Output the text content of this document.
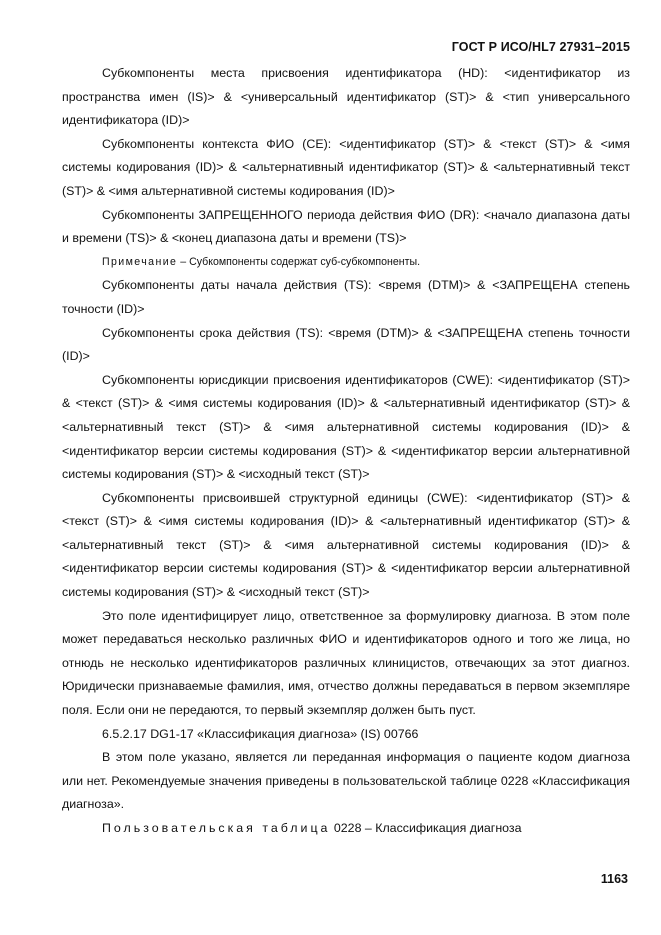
ГОСТ Р ИСО/HL7 27931–2015

Субкомпоненты места присвоения идентификатора (HD): <идентификатор из пространства имен (IS)> & <универсальный идентификатор (ST)> & <тип универсального идентификатора (ID)>

Субкомпоненты контекста ФИО (CE): <идентификатор (ST)> & <текст (ST)> & <имя системы кодирования (ID)> & <альтернативный идентификатор (ST)> & <альтернативный текст (ST)> & <имя альтернативной системы кодирования (ID)>

Субкомпоненты ЗАПРЕЩЕННОГО периода действия ФИО (DR): <начало диапазона даты и времени (TS)> & <конец диапазона даты и времени (TS)>

Примечание – Субкомпоненты содержат суб-субкомпоненты.

Субкомпоненты даты начала действия (TS): <время (DTM)> & <ЗАПРЕЩЕНА степень точности (ID)>

Субкомпоненты срока действия (TS): <время (DTM)> & <ЗАПРЕЩЕНА степень точности (ID)>

Субкомпоненты юрисдикции присвоения идентификаторов (CWE): <идентификатор (ST)> & <текст (ST)> & <имя системы кодирования (ID)> & <альтернативный идентификатор (ST)> & <альтернативный текст (ST)> & <имя альтернативной системы кодирования (ID)> & <идентификатор версии системы кодирования (ST)> & <идентификатор версии альтернативной системы кодирования (ST)> & <исходный текст (ST)>

Субкомпоненты присвоившей структурной единицы (CWE): <идентификатор (ST)> & <текст (ST)> & <имя системы кодирования (ID)> & <альтернативный идентификатор (ST)> & <альтернативный текст (ST)> & <имя альтернативной системы кодирования (ID)> & <идентификатор версии системы кодирования (ST)> & <идентификатор версии альтернативной системы кодирования (ST)> & <исходный текст (ST)>

Это поле идентифицирует лицо, ответственное за формулировку диагноза. В этом поле может передаваться несколько различных ФИО и идентификаторов одного и того же лица, но отнюдь не несколько идентификаторов различных клиницистов, отвечающих за этот диагноз. Юридически признаваемые фамилия, имя, отчество должны передаваться в первом экземпляре поля. Если они не передаются, то первый экземпляр должен быть пуст.

6.5.2.17 DG1-17 «Классификация диагноза» (IS) 00766

В этом поле указано, является ли переданная информация о пациенте кодом диагноза или нет. Рекомендуемые значения приведены в пользовательской таблице 0228 «Классификация диагноза».

Пользовательская таблица 0228 – Классификация диагноза

1163
